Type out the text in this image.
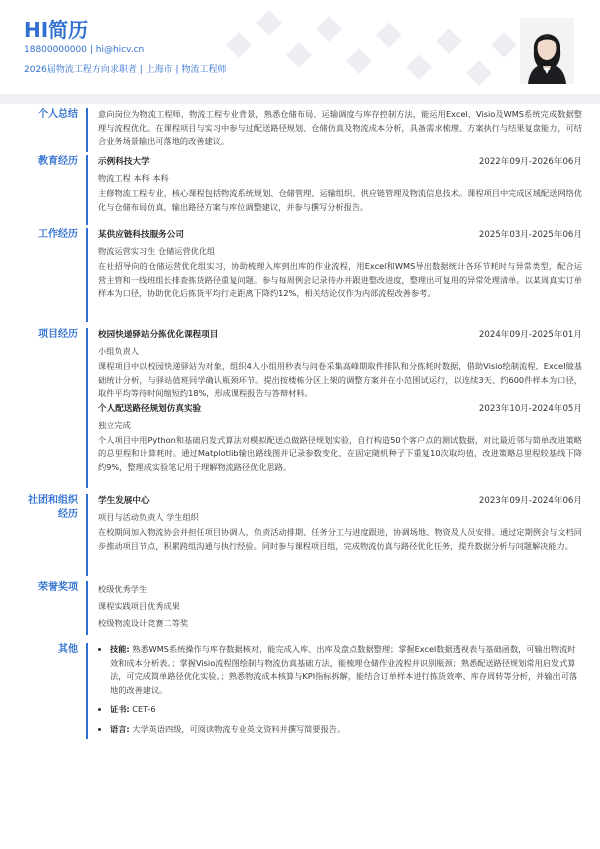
HI简历
18800000000 | hi@hicv.cn
2026届物流工程方向求职者 | 上海市 | 物流工程师
个人总结 意向岗位为物流工程师，物流工程专业背景，熟悉仓储布局、运输调度与库存控制方法，能运用Excel、Visio及WMS系统完成数据整理与流程优化。在课程项目与实习中参与过配送路径规划、仓储仿真及物流成本分析，具备需求梳理、方案执行与结果复盘能力，可结合业务场景输出可落地的改善建议。
教育经历 示例科技大学	2022年09月-2026年06月
物流工程 本科 本科
主修物流工程专业，核心课程包括物流系统规划、仓储管理、运输组织、供应链管理及物流信息技术。课程项目中完成区域配送网络优化与仓储布局仿真，输出路径方案与库位调整建议，并参与撰写分析报告。
工作经历 某供应链科技服务公司	2025年03月-2025年06月
物流运营实习生 仓储运营优化组
在社招导向的仓储运营优化组实习，协助梳理入库到出库的作业流程，用Excel和WMS导出数据统计各环节耗时与异常类型，配合运营主管和一线班组长排查拣货路径重复问题。参与每周例会记录待办并跟进整改进度，整理出可复用的异常处理清单。以某周真实订单样本为口径，协助优化后拣货平均行走距离下降约12%，相关结论仅作为内部流程改善参考。
项目经历 校园快递驿站分拣优化课程项目	2024年09月-2025年01月
小组负责人
课程项目中以校园快递驿站为对象，组织4人小组用秒表与问卷采集高峰期取件排队和分拣耗时数据，借助Visio绘制流程、Excel做基础统计分析，与驿站值班同学确认瓶颈环节。提出按楼栋分区上架的调整方案并在小范围试运行，以连续3天、约600件样本为口径，取件平均等待时间缩短约18%，形成课程报告与答辩材料。
个人配送路径规划仿真实验	2023年10月-2024年05月
独立完成
个人项目中用Python和基础启发式算法对模拟配送点做路径规划实验，自行构造50个客户点的测试数据，对比最近邻与简单改进策略的总里程和计算耗时。通过Matplotlib输出路线图并记录参数变化，在固定随机种子下重复10次取均值，改进策略总里程较基线下降约9%，整理成实验笔记用于理解物流路径优化思路。
社团和组织经历
学生发展中心	2023年09月-2024年06月
项目与活动负责人 学生组织
在校期间加入物流协会并担任项目协调人，负责活动排期、任务分工与进度跟进，协调场地、物资及人员安排。通过定期例会与文档同步推动项目节点，积累跨组沟通与执行经验。同时参与课程项目组，完成物流仿真与路径优化任务，提升数据分析与问题解决能力。
荣誉奖项 校级优秀学生
课程实践项目优秀成果
校级物流设计竞赛二等奖
其他
•	技能: 熟悉WMS系统操作与库存数据核对，能完成入库、出库及盘点数据整理；掌握Excel数据透视表与基础函数，可输出物流时效和成本分析表。；掌握Visio流程图绘制与物流仿真基础方法，能梳理仓储作业流程并识别瓶颈；熟悉配送路径规划常用启发式算法，可完成简单路径优化实验。；熟悉物流成本核算与KPI指标拆解，能结合订单样本进行拣货效率、库存周转等分析，并输出可落地的改善建议。
• 证书: CET-6
• 语言: 大学英语四级，可阅读物流专业英文资料并撰写简要报告。
